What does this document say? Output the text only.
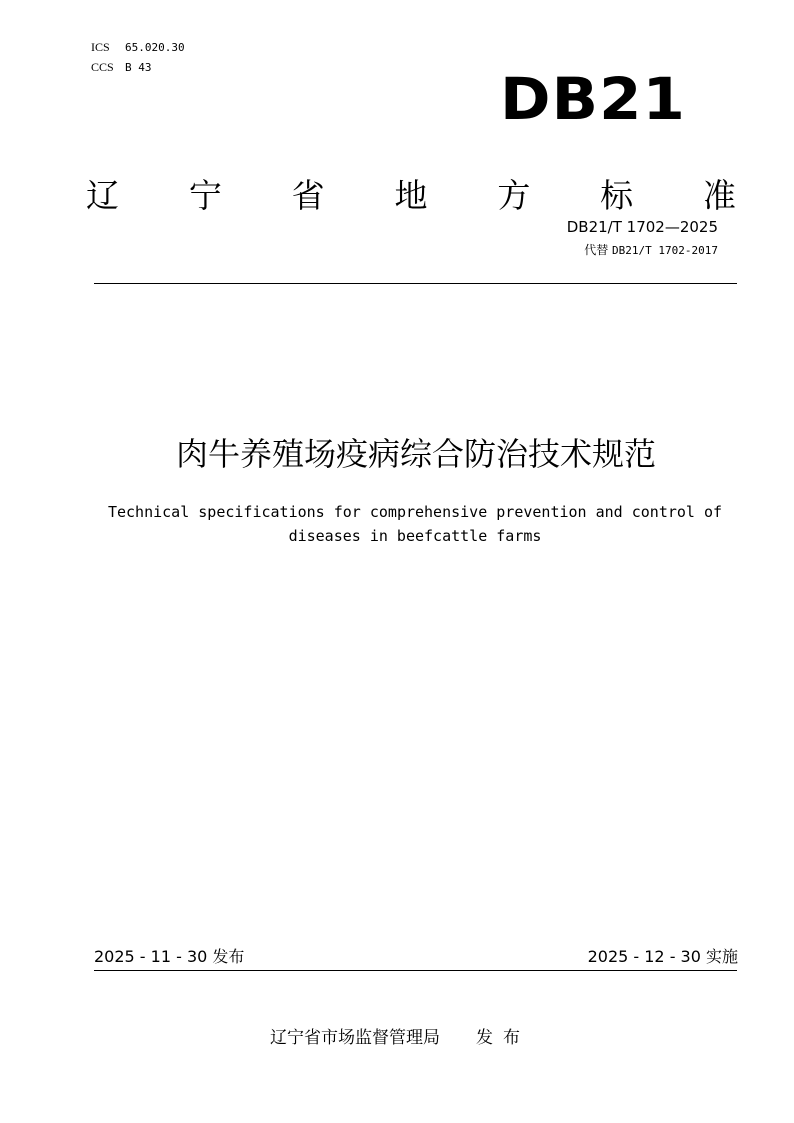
ICS 65.020.30
CCS B 43	DB21
辽 宁 省 地 方 标 准
DB21/T 1702—2025
代替 DB21/T 1702-2017
肉牛养殖场疫病综合防治技术规范
Technical specifications for comprehensive prevention and control of
diseases in beefcattle farms
2025 - 11 - 30 发布	2025 - 12 - 30 实施
辽宁省市场监督管理局 发布
